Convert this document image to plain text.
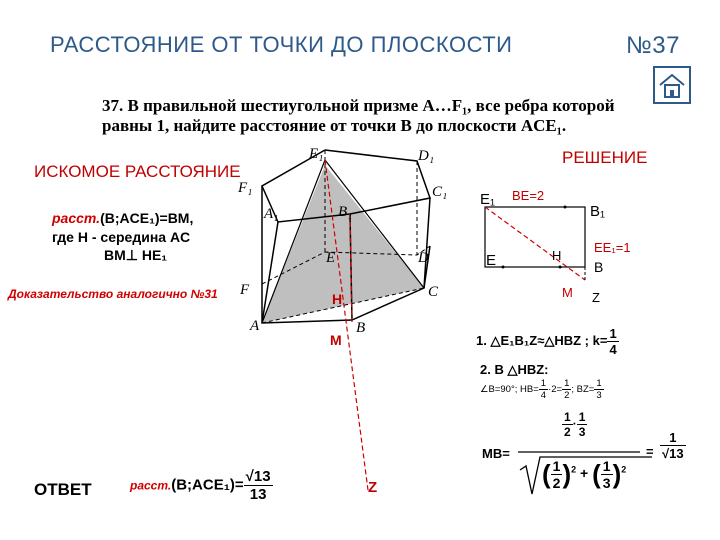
РАССТОЯНИЕ ОТ ТОЧКИ ДО ПЛОСКОСТИ	№37
37. В правильной шестиугольной призме A…F₁, все ребра которой
равны 1, найдите расстояние от точки B до плоскости ACE₁.
ИСКОМОЕ РАССТОЯНИЕ
РЕШЕНИЕ
расст.(B;ACE₁)=BM,
где H - середина AC
BM⊥ HE₁
Доказательство аналогично №31
ОТВЕТ	расст.(B;ACE₁)= $\frac{√13}{13}$
E₁	D₁
F₁	C₁
A₁	B₁
E	D
F	C
A	B
H
M
Z
E₁ BE=2
B₁
EE₁=1
E	H
B
M Z
1. △E₁B₁Z≈△HBZ ; $k= \frac{1}{4}$
2. В △HBZ:
∠B=90°; $HB= \frac{1}{4} \cdot 2= \frac{1}{2}$ ; $BZ= \frac{1}{3}$
MB=
$\frac{1}{2} \cdot \frac{1}{3}$
( $\frac{1}{2} )^2$ + ( $\frac{1}{3} )^2$
= $\frac{1}{√13}$
